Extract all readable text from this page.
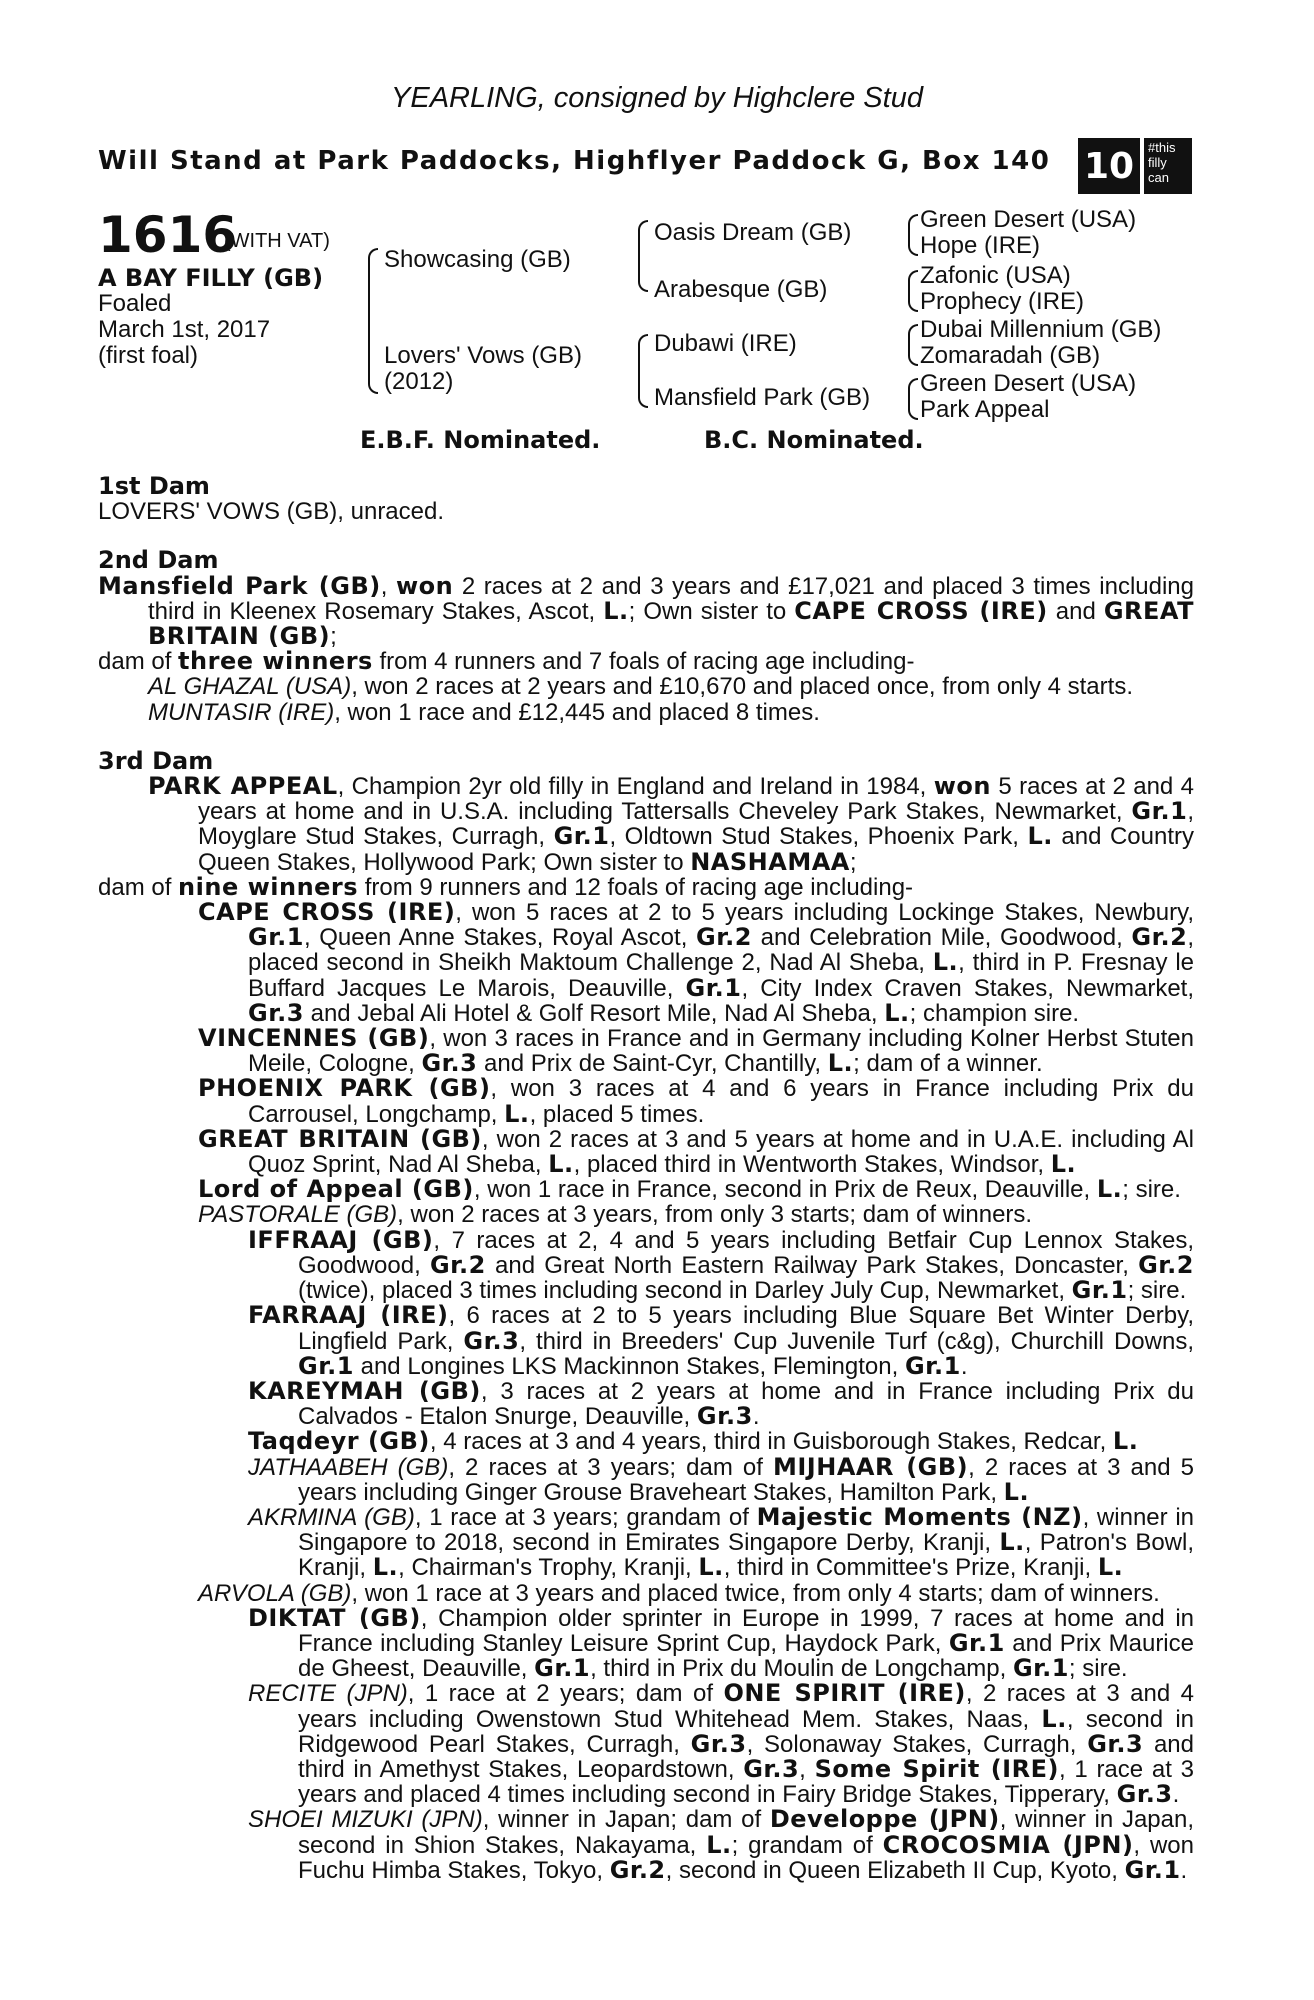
YEARLING, consigned by Highclere Stud
Will Stand at Park Paddocks, Highflyer Paddock G, Box 140 10	#this filly can
1616
(WITH VAT)
A BAY FILLY (GB)
Foaled
March 1st, 2017
(first foal)
Showcasing (GB)
Lovers' Vows (GB)
(2012)
Oasis Dream (GB)
Arabesque (GB)
Dubawi (IRE)
Mansfield Park (GB)
Green Desert (USA)
Hope (IRE)
Zafonic (USA)
Prophecy (IRE)
Dubai Millennium (GB)
Zomaradah (GB)
Green Desert (USA)
Park Appeal
E.B.F. Nominated.	B.C. Nominated.
1st Dam
LOVERS' VOWS (GB), unraced.
2nd Dam
Mansfield Park (GB), won 2 races at 2 and 3 years and £17,021 and placed 3 times including third in Kleenex Rosemary Stakes, Ascot, L.; Own sister to CAPE CROSS (IRE) and GREAT BRITAIN (GB);
dam of three winners from 4 runners and 7 foals of racing age including-
AL GHAZAL (USA), won 2 races at 2 years and £10,670 and placed once, from only 4 starts.
MUNTASIR (IRE), won 1 race and £12,445 and placed 8 times.
3rd Dam
PARK APPEAL, Champion 2yr old filly in England and Ireland in 1984, won 5 races at 2 and 4 years at home and in U.S.A. including Tattersalls Cheveley Park Stakes, Newmarket, Gr.1, Moyglare Stud Stakes, Curragh, Gr.1, Oldtown Stud Stakes, Phoenix Park, L. and Country Queen Stakes, Hollywood Park; Own sister to NASHAMAA;
dam of nine winners from 9 runners and 12 foals of racing age including-
CAPE CROSS (IRE), won 5 races at 2 to 5 years including Lockinge Stakes, Newbury, Gr.1, Queen Anne Stakes, Royal Ascot, Gr.2 and Celebration Mile, Goodwood, Gr.2, placed second in Sheikh Maktoum Challenge 2, Nad Al Sheba, L., third in P. Fresnay le Buffard Jacques Le Marois, Deauville, Gr.1, City Index Craven Stakes, Newmarket, Gr.3 and Jebal Ali Hotel & Golf Resort Mile, Nad Al Sheba, L.; champion sire.
VINCENNES (GB), won 3 races in France and in Germany including Kolner Herbst Stuten Meile, Cologne, Gr.3 and Prix de Saint-Cyr, Chantilly, L.; dam of a winner.
PHOENIX PARK (GB), won 3 races at 4 and 6 years in France including Prix du Carrousel, Longchamp, L., placed 5 times.
GREAT BRITAIN (GB), won 2 races at 3 and 5 years at home and in U.A.E. including Al Quoz Sprint, Nad Al Sheba, L., placed third in Wentworth Stakes, Windsor, L.
Lord of Appeal (GB), won 1 race in France, second in Prix de Reux, Deauville, L.; sire.
PASTORALE (GB), won 2 races at 3 years, from only 3 starts; dam of winners.
IFFRAAJ (GB), 7 races at 2, 4 and 5 years including Betfair Cup Lennox Stakes, Goodwood, Gr.2 and Great North Eastern Railway Park Stakes, Doncaster, Gr.2 (twice), placed 3 times including second in Darley July Cup, Newmarket, Gr.1; sire.
FARRAAJ (IRE), 6 races at 2 to 5 years including Blue Square Bet Winter Derby, Lingfield Park, Gr.3, third in Breeders' Cup Juvenile Turf (c&g), Churchill Downs, Gr.1 and Longines LKS Mackinnon Stakes, Flemington, Gr.1.
KAREYMAH (GB), 3 races at 2 years at home and in France including Prix du Calvados - Etalon Snurge, Deauville, Gr.3.
Taqdeyr (GB), 4 races at 3 and 4 years, third in Guisborough Stakes, Redcar, L.
JATHAABEH (GB), 2 races at 3 years; dam of MIJHAAR (GB), 2 races at 3 and 5 years including Ginger Grouse Braveheart Stakes, Hamilton Park, L.
AKRMINA (GB), 1 race at 3 years; grandam of Majestic Moments (NZ), winner in Singapore to 2018, second in Emirates Singapore Derby, Kranji, L., Patron's Bowl, Kranji, L., Chairman's Trophy, Kranji, L., third in Committee's Prize, Kranji, L.
ARVOLA (GB), won 1 race at 3 years and placed twice, from only 4 starts; dam of winners.
DIKTAT (GB), Champion older sprinter in Europe in 1999, 7 races at home and in France including Stanley Leisure Sprint Cup, Haydock Park, Gr.1 and Prix Maurice de Gheest, Deauville, Gr.1, third in Prix du Moulin de Longchamp, Gr.1; sire.
RECITE (JPN), 1 race at 2 years; dam of ONE SPIRIT (IRE), 2 races at 3 and 4 years including Owenstown Stud Whitehead Mem. Stakes, Naas, L., second in Ridgewood Pearl Stakes, Curragh, Gr.3, Solonaway Stakes, Curragh, Gr.3 and third in Amethyst Stakes, Leopardstown, Gr.3, Some Spirit (IRE), 1 race at 3 years and placed 4 times including second in Fairy Bridge Stakes, Tipperary, Gr.3.
SHOEI MIZUKI (JPN), winner in Japan; dam of Developpe (JPN), winner in Japan, second in Shion Stakes, Nakayama, L.; grandam of CROCOSMIA (JPN), won Fuchu Himba Stakes, Tokyo, Gr.2, second in Queen Elizabeth II Cup, Kyoto, Gr.1.
